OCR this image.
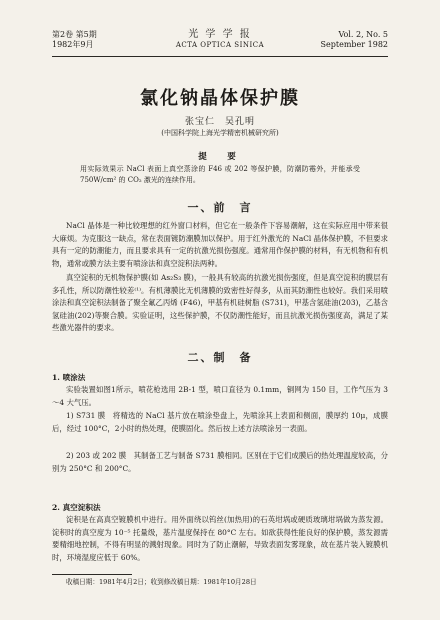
第2卷 第5期
1982年9月
光 学 学 报
ACTA OPTICA SINICA
Vol. 2, No. 5
September 1982
氯化钠晶体保护膜
张宝仁　吴孔明
(中国科学院上海光学精密机械研究所)
提　要
用实际效果示 NaCl 表面上真空蒸涂的 F46 或 202 等保护膜，防潮防霉外，并能承受750W/cm² 的 CO₂ 激光的连续作用。
一、前　言
NaCl 晶体是一种比较理想的红外窗口材料，但它在一般条件下容易潮解，这在实际应用中带来很大麻烦。为克服这一缺点，常在表面镀防潮膜加以保护。用于红外激光的 NaCl 晶体保护膜，不但要求具有一定的防潮能力，而且要求具有一定的抗激光损伤强度。通常用作保护膜的材料，有无机物和有机物，通常或膜方法主要有喷涂法和真空淀积法两种。
真空淀积的无机物保护膜(如 As₂S₃ 膜)，一般具有较高的抗激光损伤强度，但是真空淀积的膜层有多孔性，所以防潮性较差⁽¹⁾。有机薄膜比无机薄膜的致密性好得多，从而其防潮性也较好。我们采用喷涂法和真空淀积法制备了聚全氟乙丙烯 (F46)，甲基有机硅树脂 (S731)，甲基含氢硅油(203)，乙基含氢硅油(202)等聚合膜。实验证明，这些保护膜，不仅防潮性能好，而且抗激光损伤强度高，满足了某些激光器件的要求。
二、制　备
1. 喷涂法
实验装置如图1所示，喷花枪选用 2B-1 型，喷口直径为 0.1mm，铜网为 150 目，工作气压为 3～4 大气压。
1) S731 膜　将精选的 NaCl 基片放在喷涂垫盘上，先喷涂其上表面和侧面，膜厚约 10μ，成膜后，经过 100°C，2小时的热处理，使膜固化。然后按上述方法喷涂另一表面。
2) 203 或 202 膜　其制备工艺与制备 S731 膜相同。区别在于它们成膜后的热处理温度较高，分别为 250°C 和 200°C。
2. 真空淀积法
淀积是在高真空镀膜机中进行。用外面绕以钨丝(加热用)的石英坩埚或硬质玻璃坩埚做为蒸发源。淀积时的真空度为 10⁻⁵ 托量级，基片温度保持在 80°C 左右。如欲获得性能良好的保护膜，蒸发源需要精细地控制，不得有明显的溅射现象。同时为了防止潮解，导致表面发雾现象，故在基片装入镀膜机时，环境湿度应低于 60%。
收稿日期：1981年4月2日；收到修改稿日期：1981年10月28日
